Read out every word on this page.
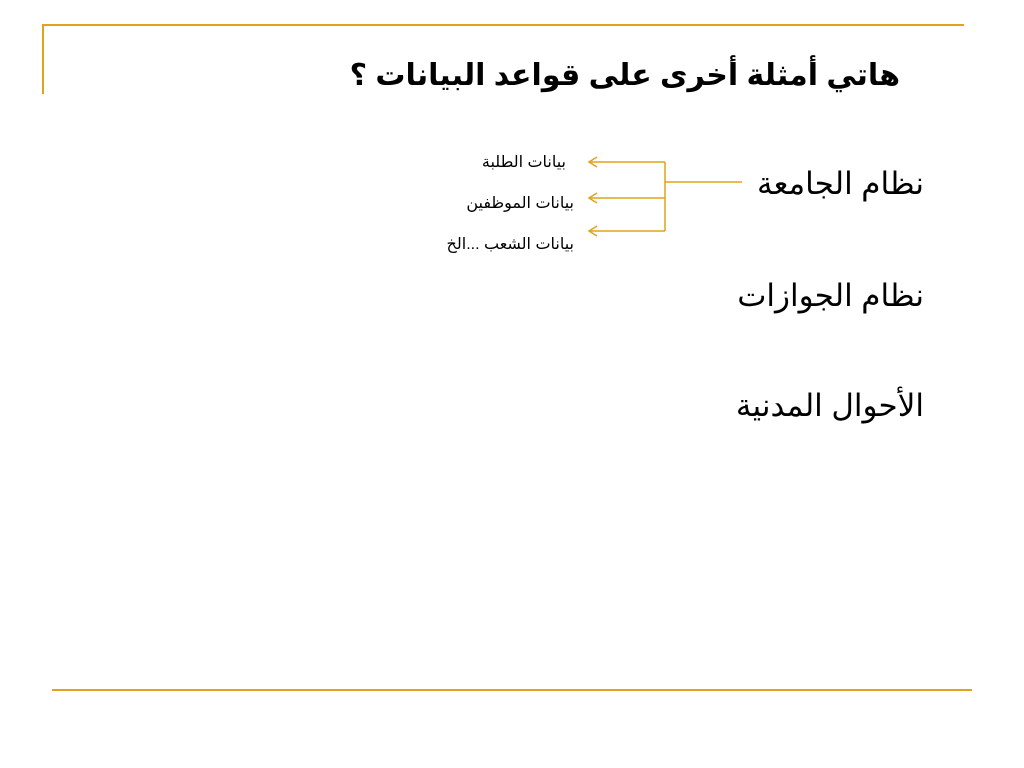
هاتي أمثلة أخرى على قواعد البيانات ؟
نظام الجامعة
نظام الجوازات
الأحوال المدنية
بيانات الطلبة
بيانات الموظفين
بيانات الشعب ...الخ
